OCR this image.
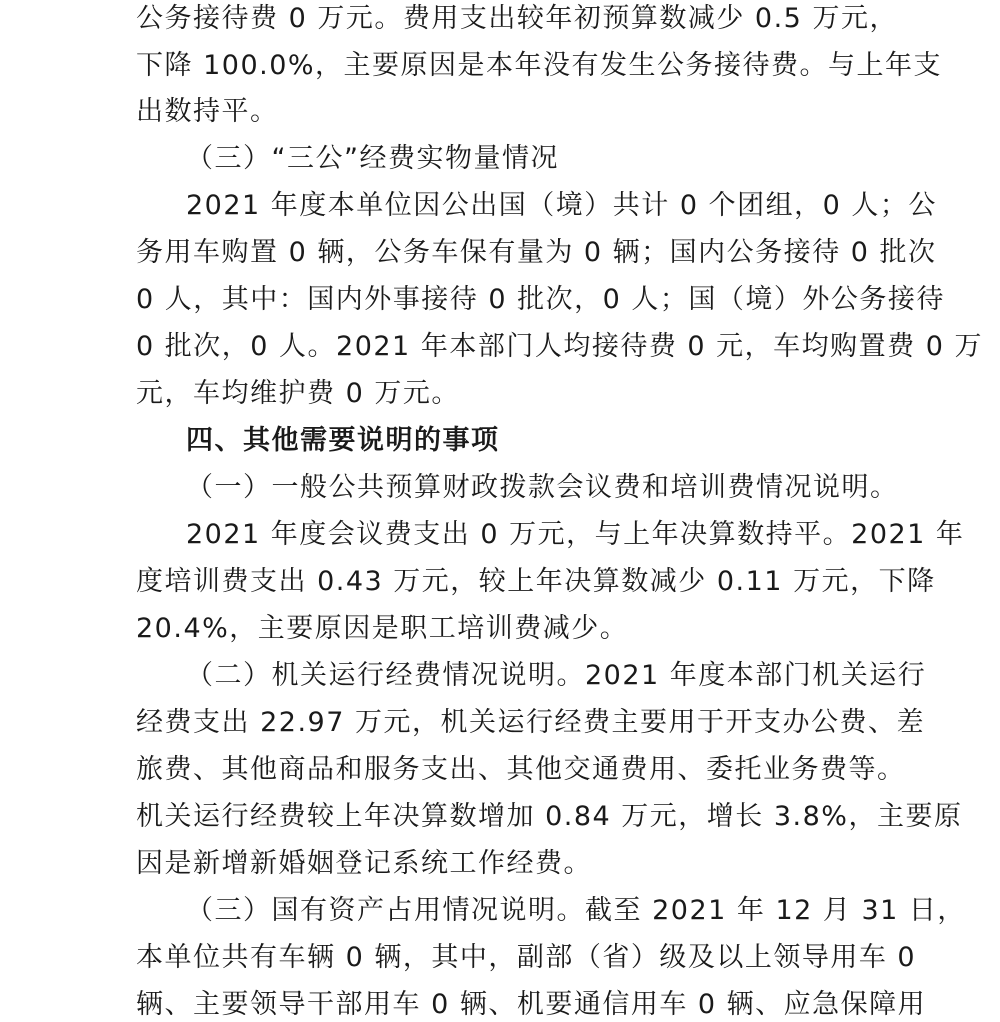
公务接待费 0 万元。费用支出较年初预算数减少 0.5 万元，

下降 100.0%，主要原因是本年没有发生公务接待费。与上年支

出数持平。

（三）“三公”经费实物量情况

2021 年度本单位因公出国（境）共计 0 个团组，0 人；公

务用车购置 0 辆，公务车保有量为 0 辆；国内公务接待 0 批次

0 人，其中：国内外事接待 0 批次，0 人；国（境）外公务接待

0 批次，0 人。2021 年本部门人均接待费 0 元，车均购置费 0 万

元，车均维护费 0 万元。

四、其他需要说明的事项

（一）一般公共预算财政拨款会议费和培训费情况说明。

2021 年度会议费支出 0 万元，与上年决算数持平。2021 年

度培训费支出 0.43 万元，较上年决算数减少 0.11 万元，下降

20.4%，主要原因是职工培训费减少。

（二）机关运行经费情况说明。2021 年度本部门机关运行

经费支出 22.97 万元，机关运行经费主要用于开支办公费、差

旅费、其他商品和服务支出、其他交通费用、委托业务费等。

机关运行经费较上年决算数增加 0.84 万元，增长 3.8%，主要原

因是新增新婚姻登记系统工作经费。

（三）国有资产占用情况说明。截至 2021 年 12 月 31 日，

本单位共有车辆 0 辆，其中，副部（省）级及以上领导用车 0

辆、主要领导干部用车 0 辆、机要通信用车 0 辆、应急保障用
